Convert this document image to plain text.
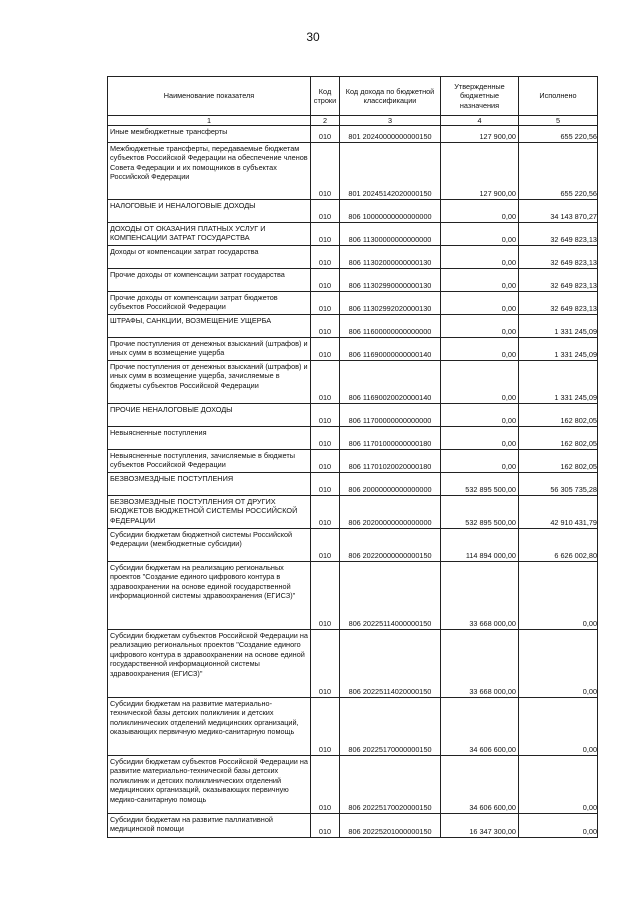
30
Наименование показателя	Код строки	Код дохода по бюджетной классификации	Утвержденные бюджетные назначения	Исполнено
1	2	3	4	5
Иные межбюджетные трансферты	010	801 20240000000000150	127 900,00	655 220,56
Межбюджетные трансферты, передаваемые бюджетам субъектов Российской Федерации на обеспечение членов Совета Федерации и их помощников в субъектах Российской Федерации	010	801 20245142020000150	127 900,00	655 220,56
НАЛОГОВЫЕ И НЕНАЛОГОВЫЕ ДОХОДЫ	010	806 10000000000000000	0,00	34 143 870,27
ДОХОДЫ ОТ ОКАЗАНИЯ ПЛАТНЫХ УСЛУГ И КОМПЕНСАЦИИ ЗАТРАТ ГОСУДАРСТВА	010	806 11300000000000000	0,00	32 649 823,13
Доходы от компенсации затрат государства	010	806 11302000000000130	0,00	32 649 823,13
Прочие доходы от компенсации затрат государства	010	806 11302990000000130	0,00	32 649 823,13
Прочие доходы от компенсации затрат бюджетов субъектов Российской Федерации	010	806 11302992020000130	0,00	32 649 823,13
ШТРАФЫ, САНКЦИИ, ВОЗМЕЩЕНИЕ УЩЕРБА	010	806 11600000000000000	0,00	1 331 245,09
Прочие поступления от денежных взысканий (штрафов) и иных сумм в возмещение ущерба	010	806 11690000000000140	0,00	1 331 245,09
Прочие поступления от денежных взысканий (штрафов) и иных сумм в возмещение ущерба, зачисляемые в бюджеты субъектов Российской Федерации	010	806 11690020020000140	0,00	1 331 245,09
ПРОЧИЕ НЕНАЛОГОВЫЕ ДОХОДЫ	010	806 11700000000000000	0,00	162 802,05
Невыясненные поступления	010	806 11701000000000180	0,00	162 802,05
Невыясненные поступления, зачисляемые в бюджеты субъектов Российской Федерации	010	806 11701020020000180	0,00	162 802,05
БЕЗВОЗМЕЗДНЫЕ ПОСТУПЛЕНИЯ	010	806 20000000000000000	532 895 500,00	56 305 735,28
БЕЗВОЗМЕЗДНЫЕ ПОСТУПЛЕНИЯ ОТ ДРУГИХ БЮДЖЕТОВ БЮДЖЕТНОЙ СИСТЕМЫ РОССИЙСКОЙ ФЕДЕРАЦИИ	010	806 20200000000000000	532 895 500,00	42 910 431,79
Субсидии бюджетам бюджетной системы Российской Федерации (межбюджетные субсидии)	010	806 20220000000000150	114 894 000,00	6 626 002,80
Субсидии бюджетам на реализацию региональных проектов "Создание единого цифрового контура в здравоохранении на основе единой государственной информационной системы здравоохранения (ЕГИСЗ)"	010	806 20225114000000150	33 668 000,00	0,00
Субсидии бюджетам субъектов Российской Федерации на реализацию региональных проектов "Создание единого цифрового контура в здравоохранении на основе единой государственной информационной системы здравоохранения (ЕГИСЗ)"	010	806 20225114020000150	33 668 000,00	0,00
Субсидии бюджетам на развитие материально-технической базы детских поликлиник и детских поликлинических отделений медицинских организаций, оказывающих первичную медико-санитарную помощь	010	806 20225170000000150	34 606 600,00	0,00
Субсидии бюджетам субъектов Российской Федерации на развитие материально-технической базы детских поликлиник и детских поликлинических отделений медицинских организаций, оказывающих первичную медико-санитарную помощь	010	806 20225170020000150	34 606 600,00	0,00
Субсидии бюджетам на развитие паллиативной медицинской помощи	010	806 20225201000000150	16 347 300,00	0,00
